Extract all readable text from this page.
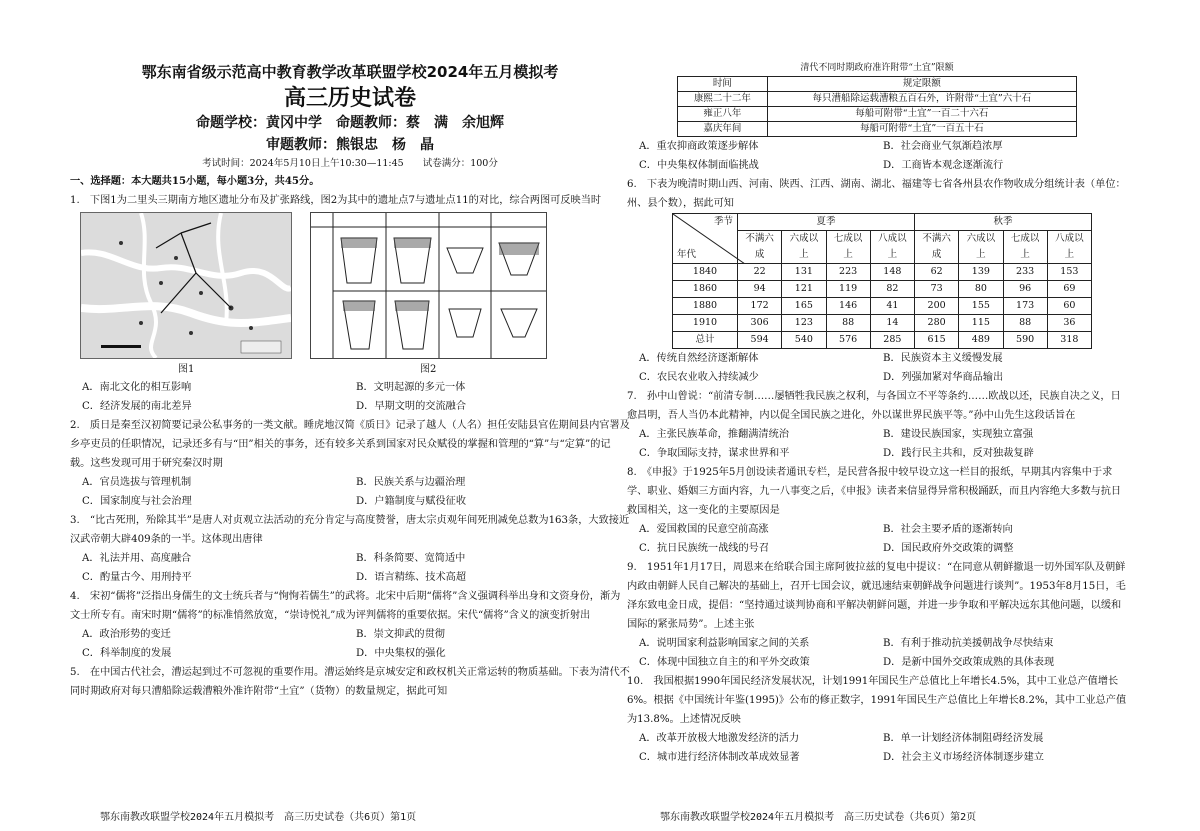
鄂东南省级示范高中教育教学改革联盟学校2024年五月模拟考
高三历史试卷
命题学校：黄冈中学　命题教师：蔡　满　余旭辉
审题教师：熊银忠　杨　晶
考试时间：2024年5月10日上午10:30—11:45　　试卷满分：100分
一、选择题：本大题共15小题，每小题3分，共45分。

1.　下图1为二里头三期南方地区遗址分布及扩张路线，图2为其中的遗址点7与遗址点11的对比，综合两图可反映当时

图1	图2
A．南北文化的相互影响	B．文明起源的多元一体
C．经济发展的南北差异	D．早期文明的交流融合

2.　质日是秦至汉初简要记录公私事务的一类文献。睡虎地汉简《质日》记录了越人（人名）担任安陆县官佐期间县内官署及乡亭吏员的任职情况，记录还多有与“田”相关的事务，还有较多关系到国家对民众赋役的掌握和管理的“算”与“定算”的记载。这些发现可用于研究秦汉时期

A．官员选拔与管理机制	B．民族关系与边疆治理
C．国家制度与社会治理	D．户籍制度与赋役征收

3.　“比古死刑，殆除其半”是唐人对贞观立法活动的充分肯定与高度赞誉，唐太宗贞观年间死刑减免总数为163条，大致接近汉武帝朝大辟409条的一半。这体现出唐律

A．礼法并用、高度融合	B．科条简要、宽简适中
C．酌量古今、用刑持平	D．语言精练、技术高超

4.　宋初“儒将”泛指出身儒生的文士统兵者与“恂恂若儒生”的武将。北宋中后期“儒将”含义强调科举出身和文资身份，渐为文士所专有。南宋时期“儒将”的标准悄然放宽，“崇诗悦礼”成为评判儒将的重要依据。宋代“儒将”含义的演变折射出

A．政治形势的变迁	B．崇文抑武的贯彻
C．科举制度的发展	D．中央集权的强化

5.　在中国古代社会，漕运起到过不可忽视的重要作用。漕运始终是京城安定和政权机关正常运转的物质基础。下表为清代不同时期政府对每只漕船除运载漕粮外准许附带“土宜”（货物）的数量规定，据此可知

鄂东南教改联盟学校2024年五月模拟考　高三历史试卷（共6页）第1页
清代不同时期政府准许附带“土宜”限额
时间	规定限额
康熙二十二年	每只漕船除运载漕粮五百石外，许附带“土宜”六十石
雍正八年	每船可附带“土宜”一百二十六石
嘉庆年间	每船可附带“土宜”一百五十石
A．重农抑商政策逐步解体	B．社会商业气氛渐趋浓厚
C．中央集权体制面临挑战	D．工商皆本观念逐渐流行

6.　下表为晚清时期山西、河南、陕西、江西、湖南、湖北、福建等七省各州县农作物收成分组统计表（单位：州、县个数），据此可知

季节
年代	夏季				秋季			
	不满六成	六成以上	七成以上	八成以上	不满六成	六成以上	七成以上	八成以上
1840	22	131	223	148	62	139	233	153
1860	94	121	119	82	73	80	96	69
1880	172	165	146	41	200	155	173	60
1910	306	123	88	14	280	115	88	36
总计	594	540	576	285	615	489	590	318
A．传统自然经济逐渐解体	B．民族资本主义缓慢发展
C．农民农业收入持续减少	D．列强加紧对华商品输出

7.　孙中山曾说：“前清专制……屡牺牲我民族之权利，与各国立不平等条约……欧战以还，民族自决之义，日愈昌明，吾人当仍本此精神，内以促全国民族之进化，外以谋世界民族平等。”孙中山先生这段话旨在

A．主张民族革命，推翻满清统治	B．建设民族国家，实现独立富强
C．争取国际支持，谋求世界和平	D．践行民主共和，反对独裁复辟

8.　《申报》于1925年5月创设读者通讯专栏，是民营各报中较早设立这一栏目的报纸，早期其内容集中于求学、职业、婚姻三方面内容，九一八事变之后，《申报》读者来信显得异常积极踊跃，而且内容绝大多数与抗日救国相关，这一变化的主要原因是

A．爱国救国的民意空前高涨	B．社会主要矛盾的逐渐转向
C．抗日民族统一战线的号召	D．国民政府外交政策的调整

9.　1951年1月17日，周恩来在给联合国主席阿彼拉兹的复电中提议：“在同意从朝鲜撤退一切外国军队及朝鲜内政由朝鲜人民自己解决的基础上，召开七国会议，就迅速结束朝鲜战争问题进行谈判”。1953年8月15日，毛泽东致电金日成，提倡：“坚持通过谈判协商和平解决朝鲜问题，并进一步争取和平解决远东其他问题，以缓和国际的紧张局势”。上述主张

A．说明国家利益影响国家之间的关系	B．有利于推动抗美援朝战争尽快结束
C．体现中国独立自主的和平外交政策	D．是新中国外交政策成熟的具体表现

10.　我国根据1990年国民经济发展状况，计划1991年国民生产总值比上年增长4.5%，其中工业总产值增长6%。根据《中国统计年鉴(1995)》公布的修正数字，1991年国民生产总值比上年增长8.2%，其中工业总产值为13.8%。上述情况反映

A．改革开放极大地激发经济的活力	B．单一计划经济体制阻碍经济发展
C．城市进行经济体制改革成效显著	D．社会主义市场经济体制逐步建立
鄂东南教改联盟学校2024年五月模拟考　高三历史试卷（共6页）第2页
